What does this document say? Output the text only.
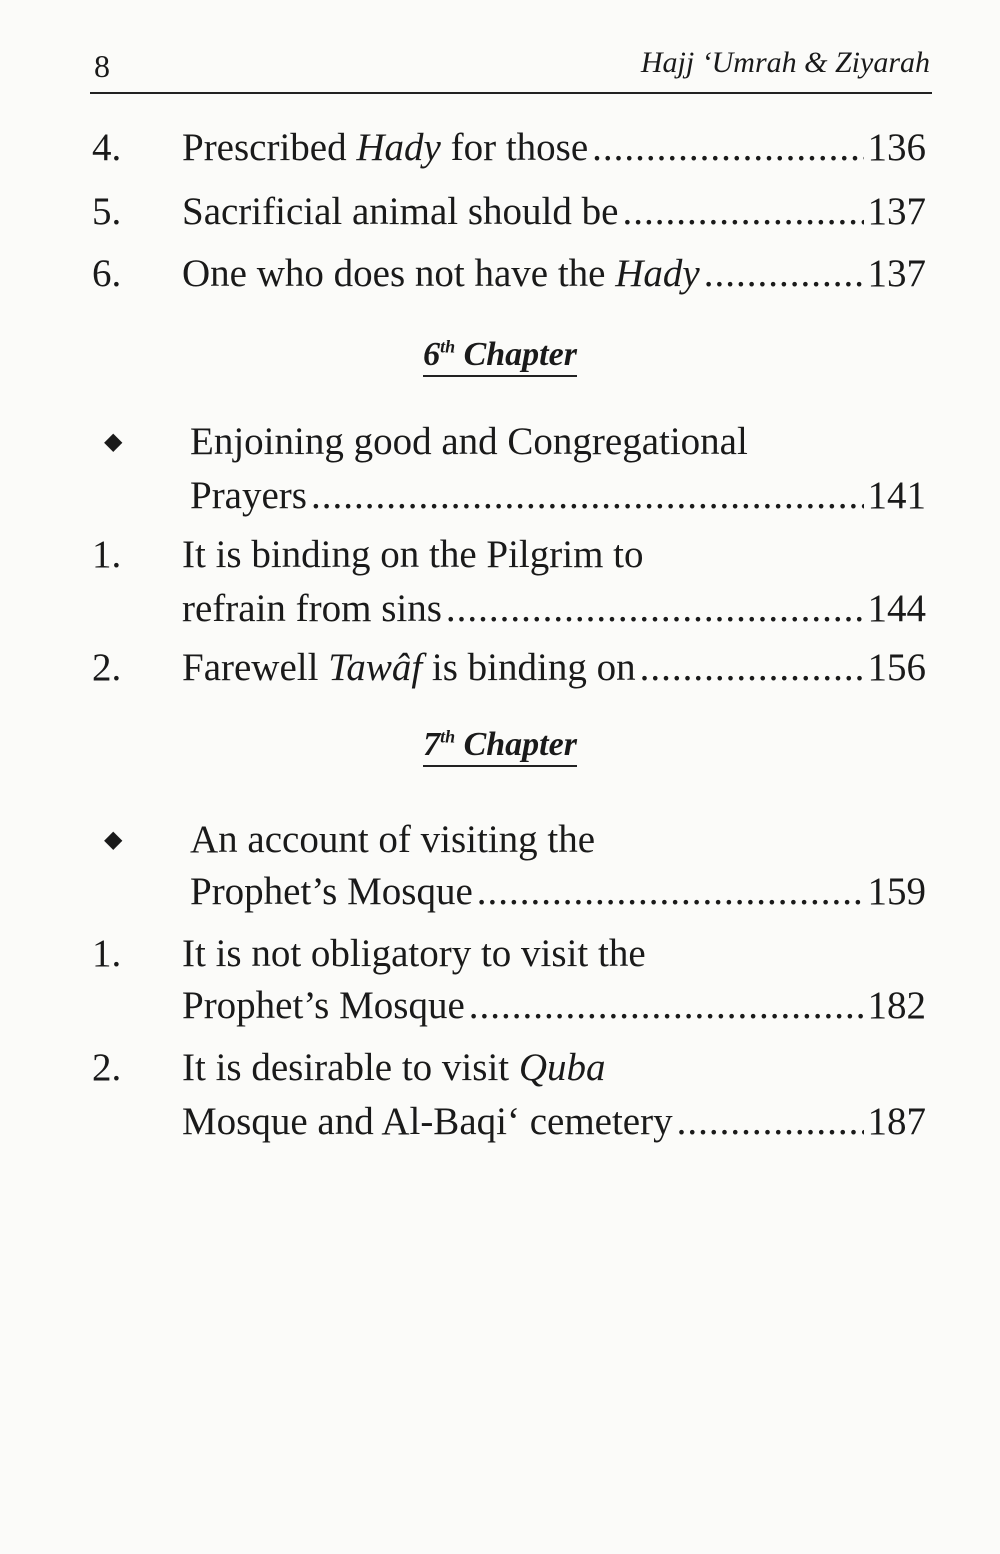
8	Hajj ‘Umrah & Ziyarah
4. Prescribed Hady for those .....	136
5. Sacrificial animal should be .....	137
6. One who does not have the Hady .....	137
6th Chapter
◆ Enjoining good and Congregational
Prayers .....	141
1. It is binding on the Pilgrim to
refrain from sins .....	144
2. Farewell Tawâf is binding on .....	156
7th Chapter
◆ An account of visiting the
Prophet’s Mosque .....	159
1. It is not obligatory to visit the
Prophet’s Mosque .....	182
2. It is desirable to visit Quba
Mosque and Al-Baqi‘ cemetery .....	187
